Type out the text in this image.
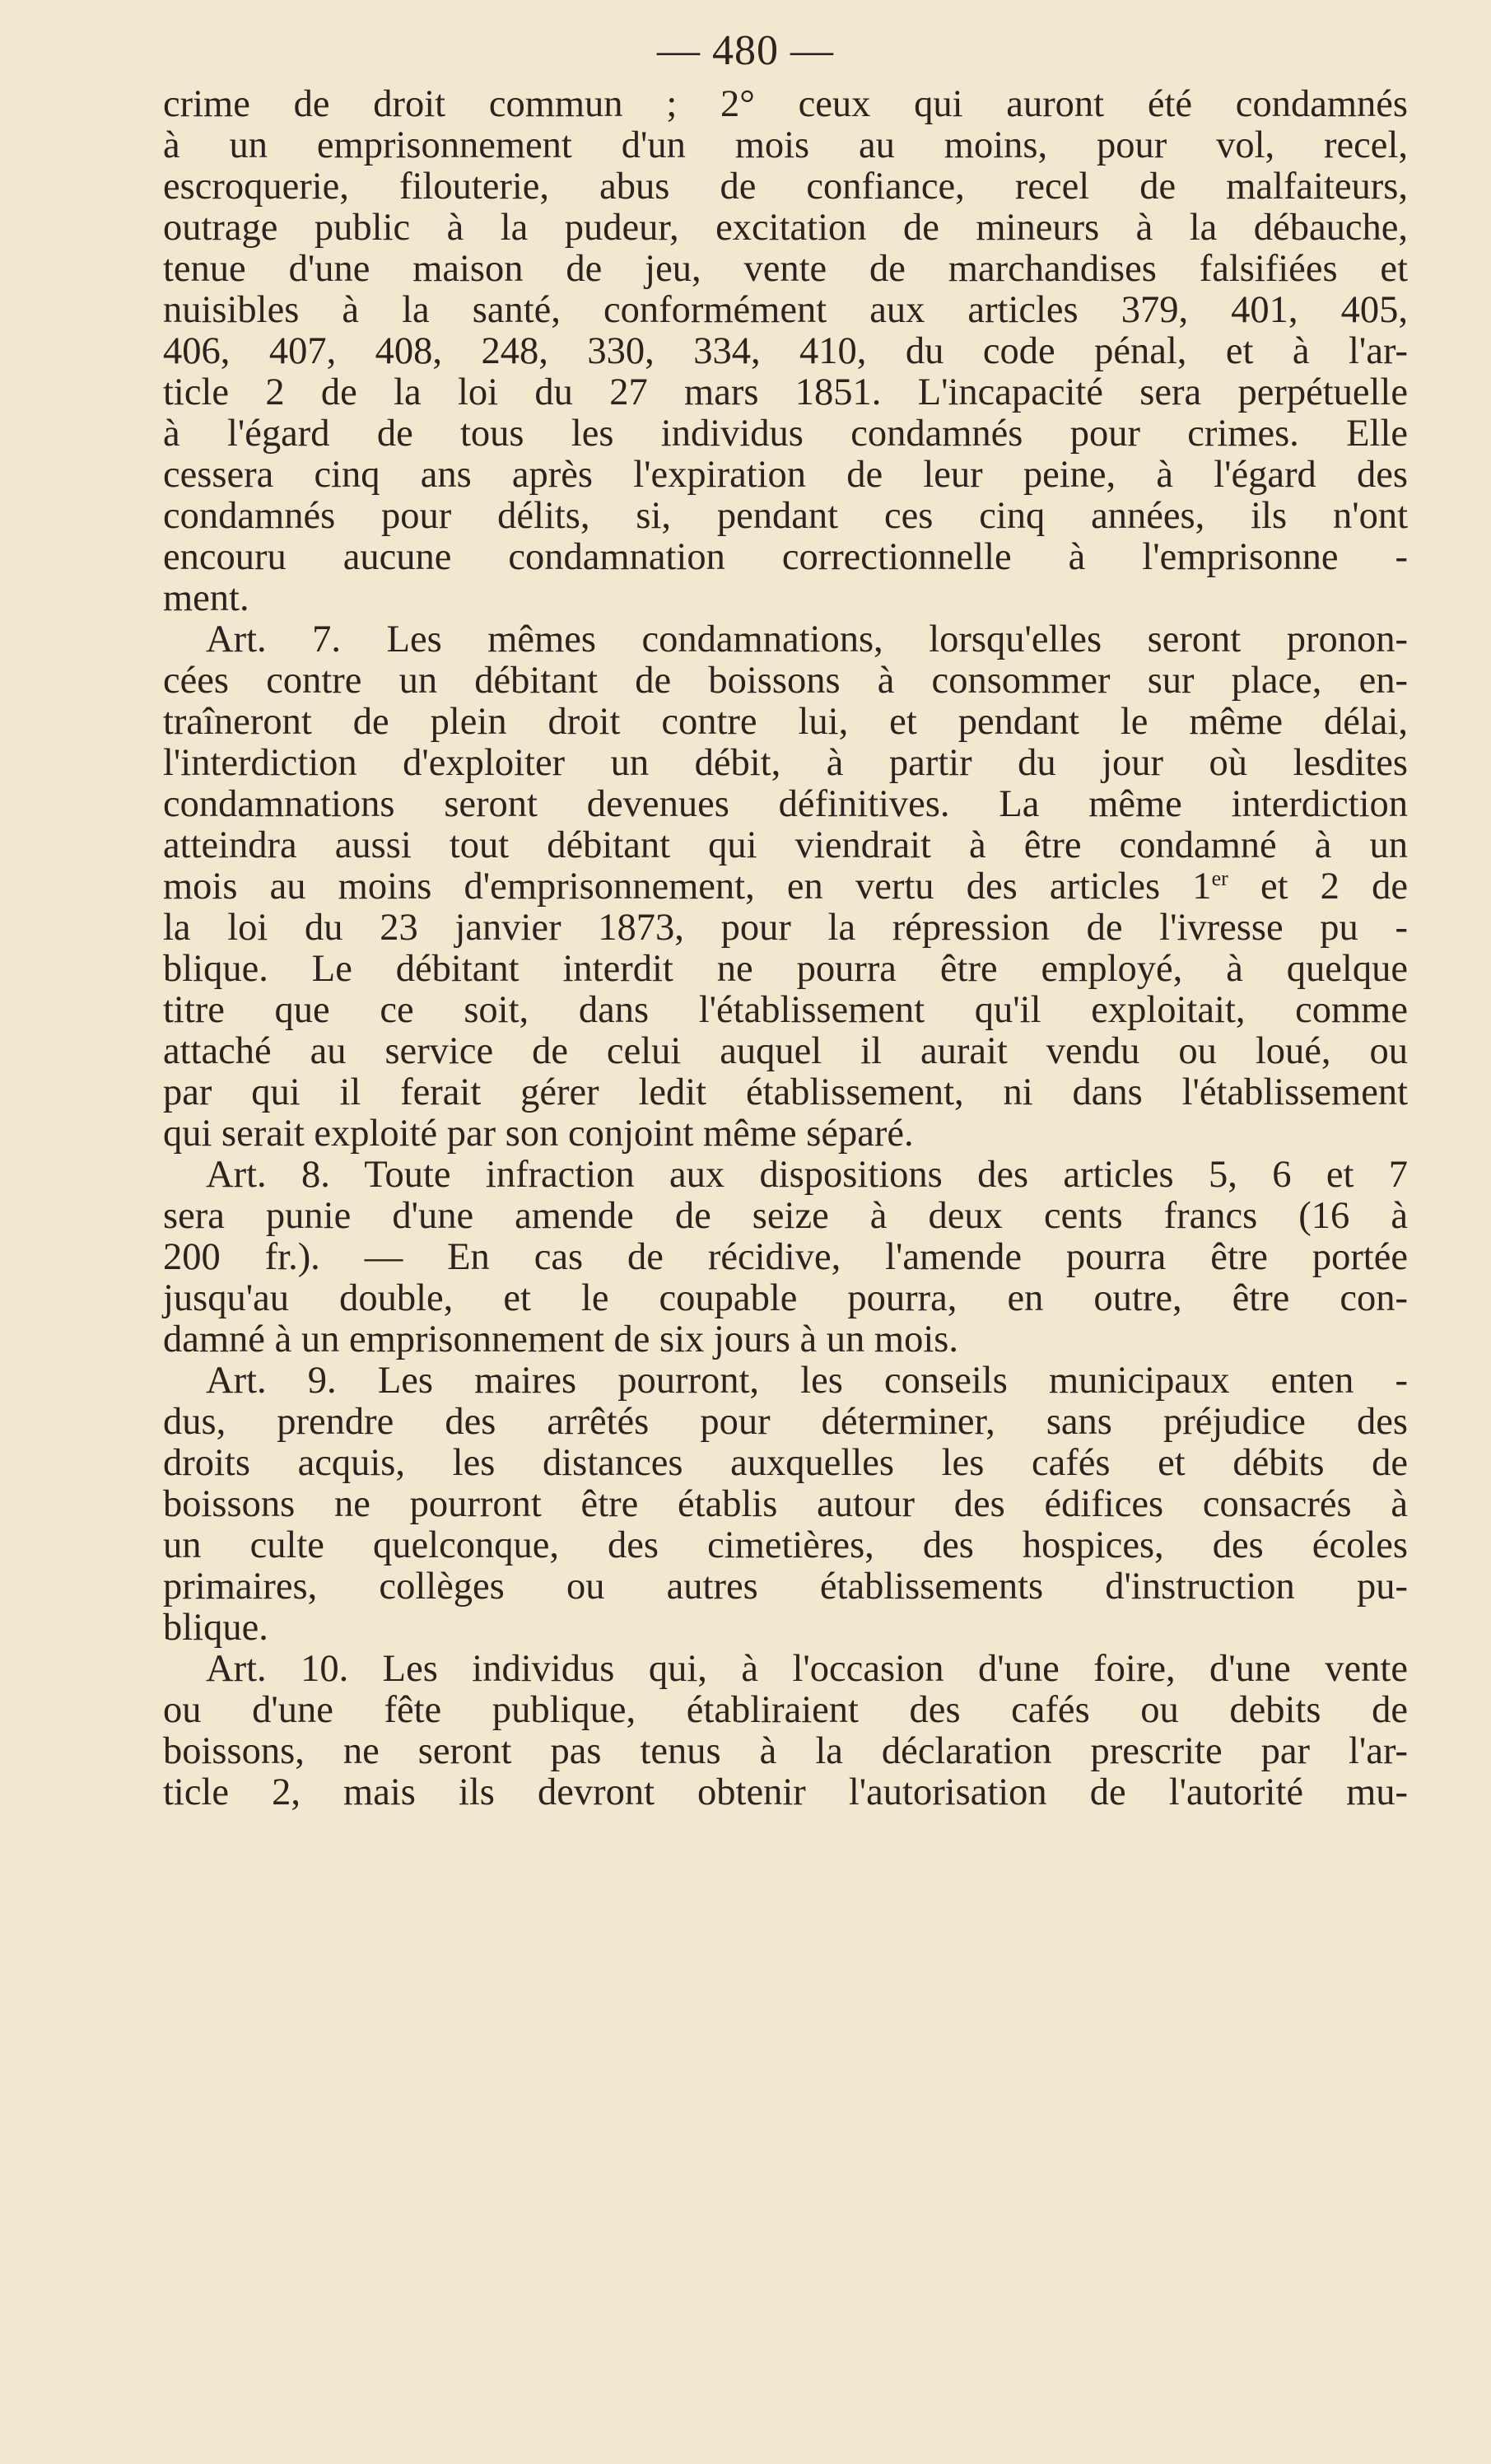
— 480 —

crime de droit commun ; 2° ceux qui auront été condamnés

à un emprisonnement d'un mois au moins, pour vol, recel,

escroquerie, filouterie, abus de confiance, recel de malfaiteurs,

outrage public à la pudeur, excitation de mineurs à la débauche,

tenue d'une maison de jeu, vente de marchandises falsifiées et

nuisibles à la santé, conformément aux articles 379, 401, 405,

406, 407, 408, 248, 330, 334, 410, du code pénal, et à l'ar-

ticle 2 de la loi du 27 mars 1851. L'incapacité sera perpétuelle

à l'égard de tous les individus condamnés pour crimes. Elle

cessera cinq ans après l'expiration de leur peine, à l'égard des

condamnés pour délits, si, pendant ces cinq années, ils n'ont

encouru aucune condamnation correctionnelle à l'emprisonne -

ment.

Art. 7. Les mêmes condamnations, lorsqu'elles seront pronon-

cées contre un débitant de boissons à consommer sur place, en-

traîneront de plein droit contre lui, et pendant le même délai,

l'interdiction d'exploiter un débit, à partir du jour où lesdites

condamnations seront devenues définitives. La même interdiction

atteindra aussi tout débitant qui viendrait à être condamné à un

mois au moins d'emprisonnement, en vertu des articles 1er et 2 de

la loi du 23 janvier 1873, pour la répression de l'ivresse pu -

blique. Le débitant interdit ne pourra être employé, à quelque

titre que ce soit, dans l'établissement qu'il exploitait, comme

attaché au service de celui auquel il aurait vendu ou loué, ou

par qui il ferait gérer ledit établissement, ni dans l'établissement

qui serait exploité par son conjoint même séparé.

Art. 8. Toute infraction aux dispositions des articles 5, 6 et 7

sera punie d'une amende de seize à deux cents francs (16 à

200 fr.). — En cas de récidive, l'amende pourra être portée

jusqu'au double, et le coupable pourra, en outre, être con-

damné à un emprisonnement de six jours à un mois.

Art. 9. Les maires pourront, les conseils municipaux enten -

dus, prendre des arrêtés pour déterminer, sans préjudice des

droits acquis, les distances auxquelles les cafés et débits de

boissons ne pourront être établis autour des édifices consacrés à

un culte quelconque, des cimetières, des hospices, des écoles

primaires, collèges ou autres établissements d'instruction pu-

blique.

Art. 10. Les individus qui, à l'occasion d'une foire, d'une vente

ou d'une fête publique, établiraient des cafés ou debits de

boissons, ne seront pas tenus à la déclaration prescrite par l'ar-

ticle 2, mais ils devront obtenir l'autorisation de l'autorité mu-
